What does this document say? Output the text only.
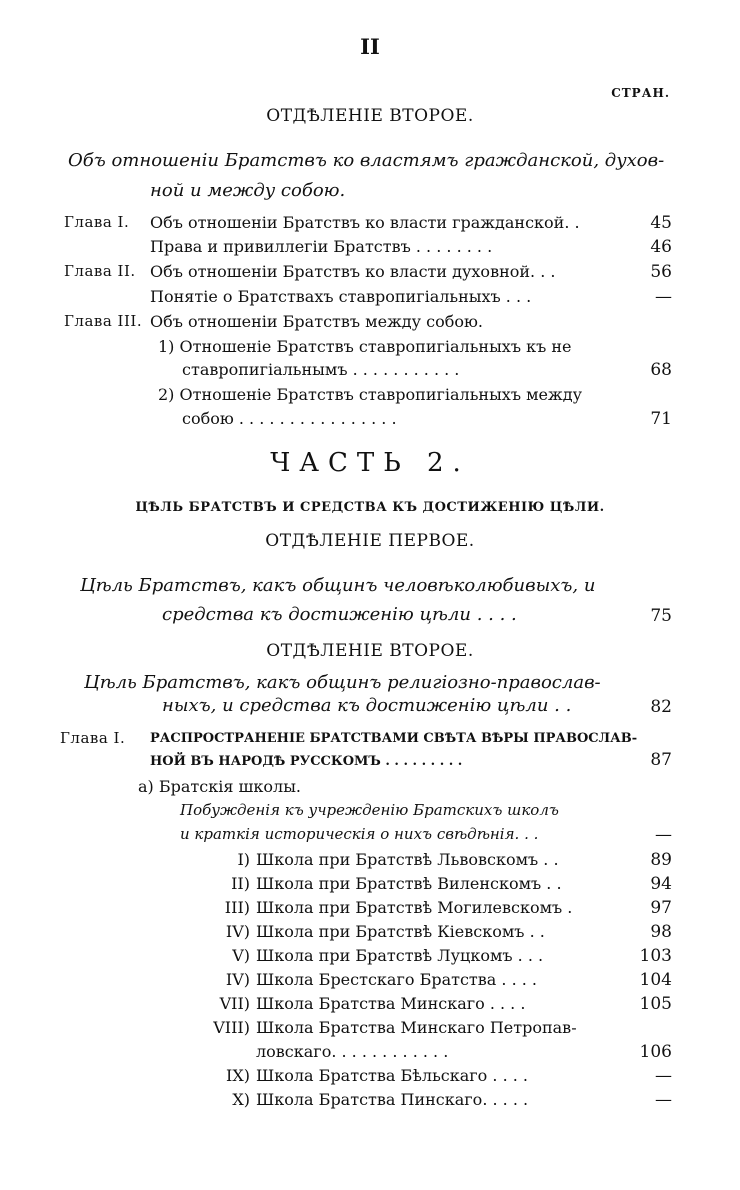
II
СТРАН.
ОТДѢЛЕНІЕ ВТОРОЕ.
Объ отношеніи Братствъ ко властямъ гражданской, духов-
ной и между собою.
Глава I. Объ отношеніи Братствъ ко власти гражданской. .	45
Права и привиллегіи Братствъ . . . . . . . .	46
Глава II. Объ отношеніи Братствъ ко власти духовной. . .	56
Понятіе о Братствахъ ставропигіальныхъ . . .	—
Глава III. Объ отношеніи Братствъ между собою.
1) Отношеніе Братствъ ставропигіальныхъ къ не
ставропигіальнымъ . . . . . . . . . . .	68
2) Отношеніе Братствъ ставропигіальныхъ между
собою . . . . . . . . . . . . . . . .	71
ЧАСТЬ 2.
ЦѢЛЬ БРАТСТВЪ И СРЕДСТВА КЪ ДОСТИЖЕНІЮ ЦѢЛИ.
ОТДѢЛЕНІЕ ПЕРВОЕ.
Цѣль Братствъ, какъ общинъ человѣколюбивыхъ, и
средства къ достиженію цѣли . . . .	75
ОТДѢЛЕНІЕ ВТОРОЕ.
Цѣль Братствъ, какъ общинъ религіозно-православ-
ныхъ, и средства къ достиженію цѣли . .	82
Глава I. РАСПРОСТРАНЕНІЕ БРАТСТВАМИ СВѢТА ВѢРЫ ПРАВОСЛАВ-
НОЙ ВЪ НАРОДѢ РУССКОМЪ . . . . . . . . .	87
а) Братскія школы.
Побужденія къ учрежденію Братскихъ школъ
и краткія историческія о нихъ свѣдѣнія. . .	—
I) Школа при Братствѣ Львовскомъ . .	89
II) Школа при Братствѣ Виленскомъ . .	94
III) Школа при Братствѣ Могилевскомъ .	97
IV) Школа при Братствѣ Кіевскомъ . .	98
V) Школа при Братствѣ Луцкомъ . . .	103
IV) Школа Брестскаго Братства . . . .	104
VII) Школа Братства Минскаго . . . .	105
VIII) Школа Братства Минскаго Петропав-
ловскаго. . . . . . . . . . . .	106
IX) Школа Братства Бѣльскаго . . . .	—
X) Школа Братства Пинскаго. . . . .	—
